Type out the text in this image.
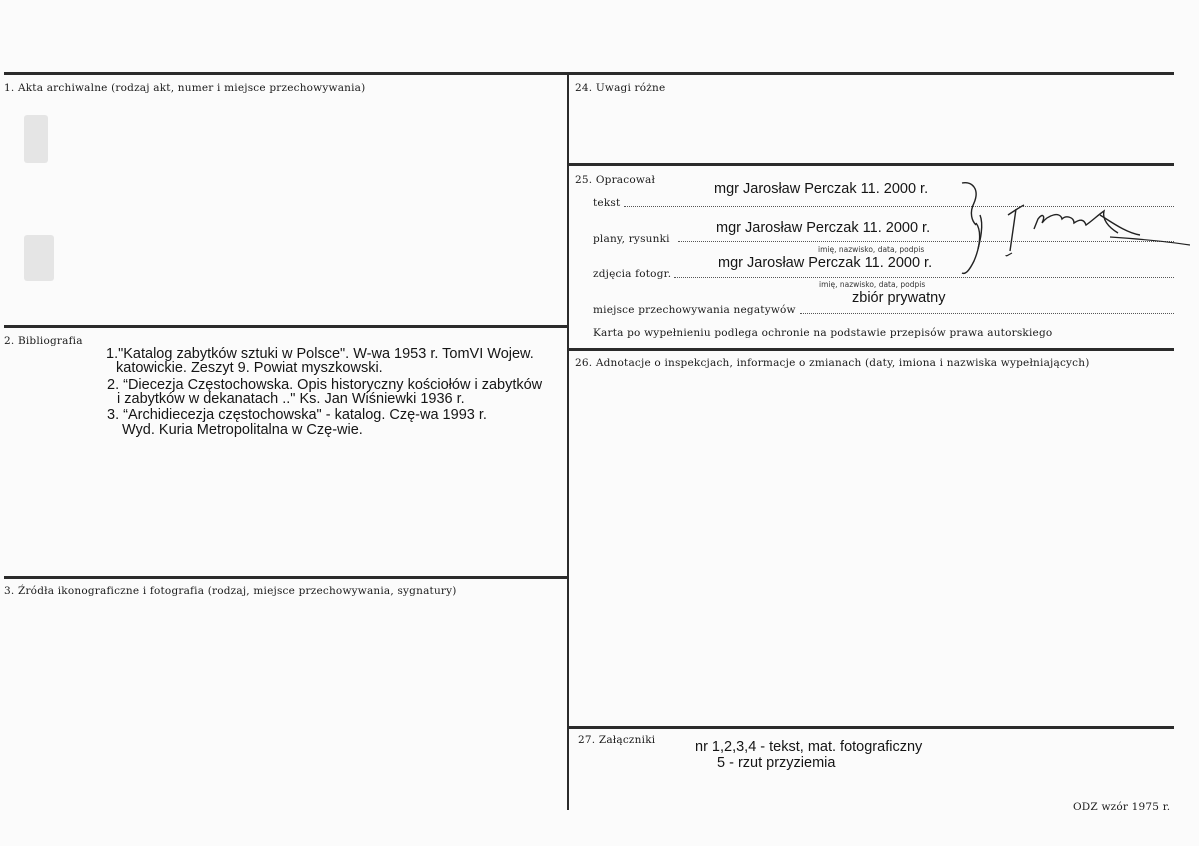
1. Akta archiwalne (rodzaj akt, numer i miejsce przechowywania)
2. Bibliografia
1."Katalog zabytków sztuki w Polsce". W-wa 1953 r. TomVI Wojew.
katowickie. Zeszyt 9. Powiat myszkowski.
2. “Diecezja Częstochowska. Opis historyczny kościołów i zabytków
i zabytków w dekanatach .." Ks. Jan Wiśniewki 1936 r.
3. “Archidiecezja częstochowska" - katalog. Czę-wa 1993 r.
Wyd. Kuria Metropolitalna w Czę-wie.
3. Źródła ikonograficzne i fotografia (rodzaj, miejsce przechowywania, sygnatury)
24. Uwagi różne
25. Opracował
tekst
mgr Jarosław Perczak 11. 2000 r.
plany, rysunki
mgr Jarosław Perczak 11. 2000 r.
imię, nazwisko, data, podpis
zdjęcia fotogr.
mgr Jarosław Perczak 11. 2000 r.
imię, nazwisko, data, podpis
miejsce przechowywania negatywów
zbiór prywatny
Karta po wypełnieniu podlega ochronie na podstawie przepisów prawa autorskiego
26. Adnotacje o inspekcjach, informacje o zmianach (daty, imiona i nazwiska wypełniających)
27. Załączniki	nr 1,2,3,4 - tekst, mat. fotograficzny
5 - rzut przyziemia
ODZ wzór 1975 r.
